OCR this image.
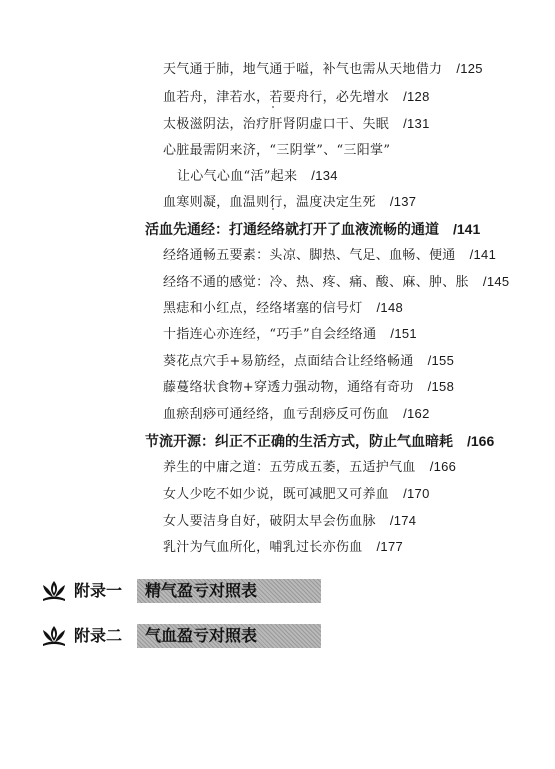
天气通于肺，地气通于嗌，补气也需从天地借力 /125
血若舟，津若水，若要舟行，必先增水 /128
太极滋阴法，治疗肝肾阴虚口干、失眠 /131
心脏最需阴来济，“三阴掌”、“三阳掌”
让心气心血“活”起来 /134
血寒则凝，血温则行，温度决定生死 /137
活血先通经：打通经络就打开了血液流畅的通道 /141
经络通畅五要素：头凉、脚热、气足、血畅、便通 /141
经络不通的感觉：冷、热、疼、痛、酸、麻、肿、胀 /145
黑痣和小红点，经络堵塞的信号灯 /148
十指连心亦连经，“巧手”自会经络通 /151
葵花点穴手+易筋经，点面结合让经络畅通 /155
藤蔓络状食物+穿透力强动物，通络有奇功 /158
血瘀刮痧可通经络，血亏刮痧反可伤血 /162
节流开源：纠正不正确的生活方式，防止气血暗耗 /166
养生的中庸之道：五劳成五萎，五适护气血 /166
女人少吃不如少说，既可减肥又可养血 /170
女人要洁身自好，破阴太早会伤血脉 /174
乳汁为气血所化，哺乳过长亦伤血 /177
附录一 精气盈亏对照表
附录二 气血盈亏对照表
